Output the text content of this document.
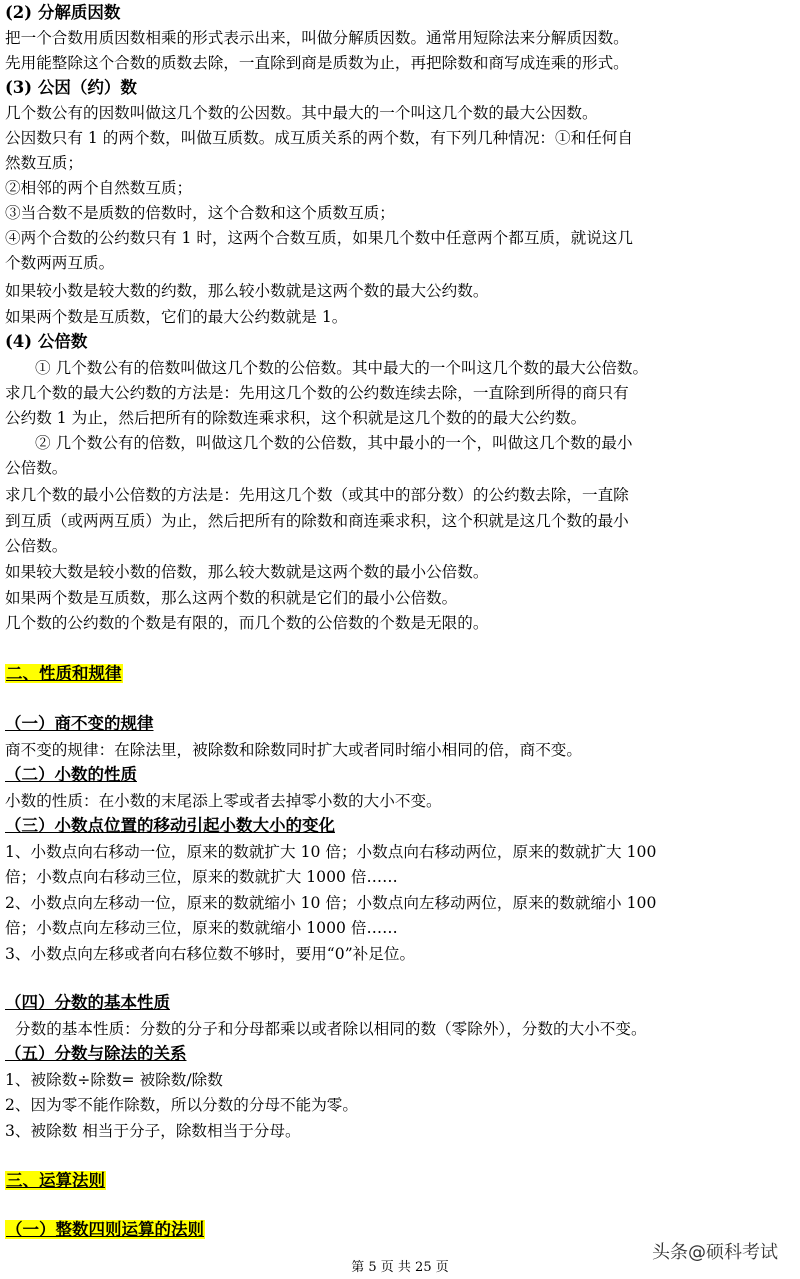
(2) 分解质因数
把一个合数用质因数相乘的形式表示出来，叫做分解质因数。通常用短除法来分解质因数。
先用能整除这个合数的质数去除，一直除到商是质数为止，再把除数和商写成连乘的形式。
(3) 公因（约）数
几个数公有的因数叫做这几个数的公因数。其中最大的一个叫这几个数的最大公因数。
公因数只有 1 的两个数，叫做互质数。成互质关系的两个数，有下列几种情况：①和任何自
然数互质；
②相邻的两个自然数互质；
③当合数不是质数的倍数时，这个合数和这个质数互质；
④两个合数的公约数只有 1 时，这两个合数互质，如果几个数中任意两个都互质，就说这几
个数两两互质。
如果较小数是较大数的约数，那么较小数就是这两个数的最大公约数。
如果两个数是互质数，它们的最大公约数就是 1。
(4) 公倍数
① 几个数公有的倍数叫做这几个数的公倍数。其中最大的一个叫这几个数的最大公倍数。
求几个数的最大公约数的方法是：先用这几个数的公约数连续去除，一直除到所得的商只有
公约数 1 为止，然后把所有的除数连乘求积，这个积就是这几个数的的最大公约数。
② 几个数公有的倍数，叫做这几个数的公倍数，其中最小的一个，叫做这几个数的最小
公倍数。
求几个数的最小公倍数的方法是：先用这几个数（或其中的部分数）的公约数去除，一直除
到互质（或两两互质）为止，然后把所有的除数和商连乘求积，这个积就是这几个数的最小
公倍数。
如果较大数是较小数的倍数，那么较大数就是这两个数的最小公倍数。
如果两个数是互质数，那么这两个数的积就是它们的最小公倍数。
几个数的公约数的个数是有限的，而几个数的公倍数的个数是无限的。
二、性质和规律
（一）商不变的规律
商不变的规律：在除法里，被除数和除数同时扩大或者同时缩小相同的倍，商不变。
（二）小数的性质
小数的性质：在小数的末尾添上零或者去掉零小数的大小不变。
（三）小数点位置的移动引起小数大小的变化
1、小数点向右移动一位，原来的数就扩大 10 倍；小数点向右移动两位，原来的数就扩大 100
倍；小数点向右移动三位，原来的数就扩大 1000 倍……
2、小数点向左移动一位，原来的数就缩小 10 倍；小数点向左移动两位，原来的数就缩小 100
倍；小数点向左移动三位，原来的数就缩小 1000 倍……
3、小数点向左移或者向右移位数不够时，要用“0”补足位。
（四）分数的基本性质
分数的基本性质：分数的分子和分母都乘以或者除以相同的数（零除外），分数的大小不变。
（五）分数与除法的关系
1、被除数÷除数= 被除数/除数
2、因为零不能作除数，所以分数的分母不能为零。
3、被除数 相当于分子，除数相当于分母。
三、运算法则
（一）整数四则运算的法则
第 5 页 共 25 页
头条@硕科考试
